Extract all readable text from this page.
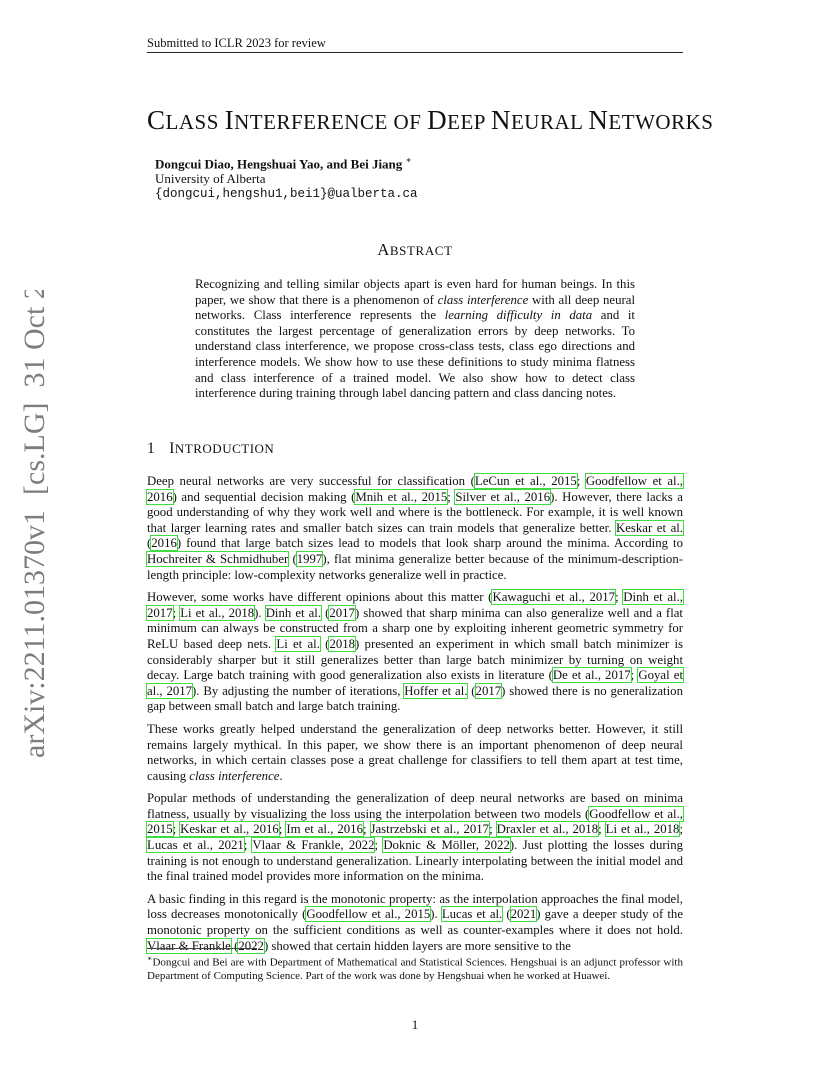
Submitted to ICLR 2023 for review
arXiv:2211.01370v1  [cs.LG]  31 Oct 2022
CLASS INTERFERENCE OF DEEP NEURAL NETWORKS
Dongcui Diao, Hengshuai Yao, and Bei Jiang ∗
University of Alberta
{dongcui,hengshu1,bei1}@ualberta.ca
ABSTRACT
Recognizing and telling similar objects apart is even hard for human beings. In this paper, we show that there is a phenomenon of class interference with all deep neural networks. Class interference represents the learning difficulty in data and it constitutes the largest percentage of generalization errors by deep networks. To understand class interference, we propose cross-class tests, class ego directions and interference models. We show how to use these definitions to study minima flatness and class interference of a trained model. We also show how to detect class interference during training through label dancing pattern and class dancing notes.
1 INTRODUCTION

Deep neural networks are very successful for classification (LeCun et al., 2015; Goodfellow et al., 2016) and sequential decision making (Mnih et al., 2015; Silver et al., 2016). However, there lacks a good understanding of why they work well and where is the bottleneck. For example, it is well known that larger learning rates and smaller batch sizes can train models that generalize better. Keskar et al. (2016) found that large batch sizes lead to models that look sharp around the minima. According to Hochreiter & Schmidhuber (1997), flat minima generalize better because of the minimum-description-length principle: low-complexity networks generalize well in practice.

However, some works have different opinions about this matter (Kawaguchi et al., 2017; Dinh et al., 2017; Li et al., 2018). Dinh et al. (2017) showed that sharp minima can also generalize well and a flat minimum can always be constructed from a sharp one by exploiting inherent geometric symmetry for ReLU based deep nets. Li et al. (2018) presented an experiment in which small batch minimizer is considerably sharper but it still generalizes better than large batch minimizer by turning on weight decay. Large batch training with good generalization also exists in literature (De et al., 2017; Goyal et al., 2017). By adjusting the number of iterations, Hoffer et al. (2017) showed there is no generalization gap between small batch and large batch training.

These works greatly helped understand the generalization of deep networks better. However, it still remains largely mythical. In this paper, we show there is an important phenomenon of deep neural networks, in which certain classes pose a great challenge for classifiers to tell them apart at test time, causing class interference.

Popular methods of understanding the generalization of deep neural networks are based on minima flatness, usually by visualizing the loss using the interpolation between two models (Goodfellow et al., 2015; Keskar et al., 2016; Im et al., 2016; Jastrzebski et al., 2017; Draxler et al., 2018; Li et al., 2018; Lucas et al., 2021; Vlaar & Frankle, 2022; Doknic & Möller, 2022). Just plotting the losses during training is not enough to understand generalization. Linearly interpolating between the initial model and the final trained model provides more information on the minima.

A basic finding in this regard is the monotonic property: as the interpolation approaches the final model, loss decreases monotonically (Goodfellow et al., 2015). Lucas et al. (2021) gave a deeper study of the monotonic property on the sufficient conditions as well as counter-examples where it does not hold. Vlaar & Frankle (2022) showed that certain hidden layers are more sensitive to the

∗Dongcui and Bei are with Department of Mathematical and Statistical Sciences. Hengshuai is an adjunct professor with Department of Computing Science. Part of the work was done by Hengshuai when he worked at Huawei.
1
